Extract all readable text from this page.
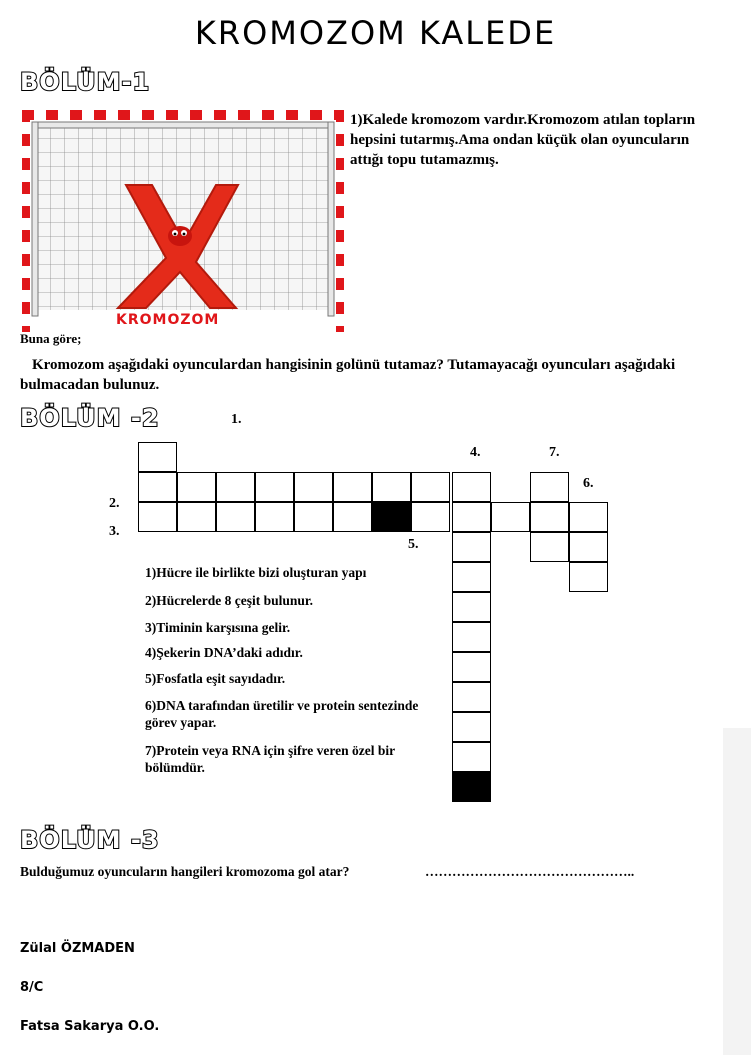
KROMOZOM KALEDE
BÖLÜM-1
KROMOZOM
1)Kalede kromozom vardır.Kromozom atılan topların hepsini tutarmış.Ama ondan küçük olan oyuncuların attığı topu tutamazmış.
Buna göre;
Kromozom aşağıdaki oyunculardan hangisinin golünü tutamaz? Tutamayacağı oyuncuları aşağıdaki bulmacadan bulunuz.
BÖLÜM -2	1.
4.	7.
6.
2.
3.
5.
1)Hücre ile birlikte bizi oluşturan yapı
2)Hücrelerde 8 çeşit bulunur.
3)Timinin karşısına gelir.
4)Şekerin DNA’daki adıdır.
5)Fosfatla eşit sayıdadır.
6)DNA tarafından üretilir ve protein sentezinde görev yapar.
7)Protein veya RNA için şifre veren özel bir bölümdür.
BÖLÜM -3
Bulduğumuz oyuncuların hangileri kromozoma gol atar?	………………………………………..
Zülal ÖZMADEN
8/C
Fatsa Sakarya O.O.
